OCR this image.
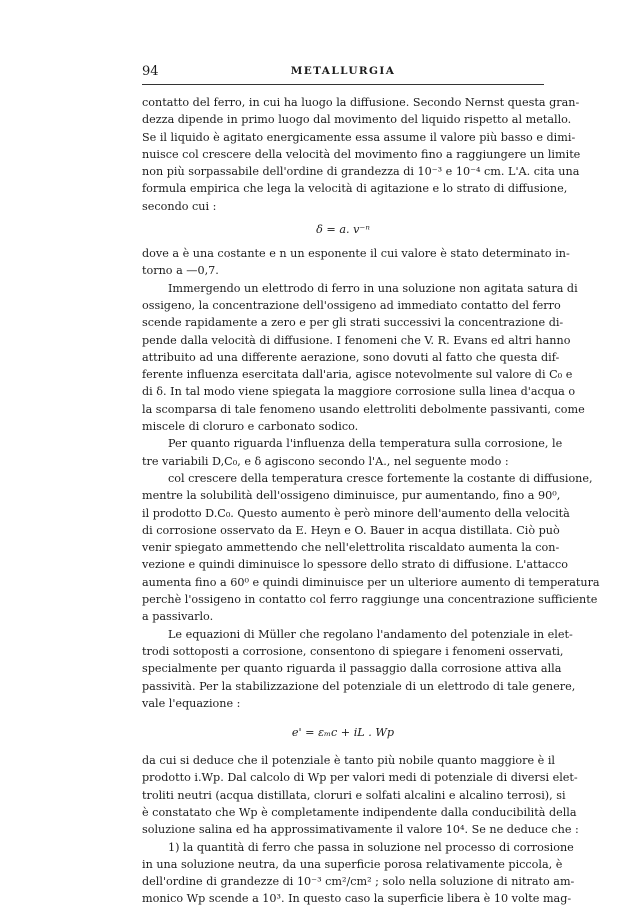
94	METALLURGIA
contatto del ferro, in cui ha luogo la diffusione. Secondo Nernst questa gran-
dezza dipende in primo luogo dal movimento del liquido rispetto al metallo.
Se il liquido è agitato energicamente essa assume il valore più basso e dimi-
nuisce col crescere della velocità del movimento fino a raggiungere un limite
non più sorpassabile dell'ordine di grandezza di 10⁻³ e 10⁻⁴ cm. L'A. cita una
formula empirica che lega la velocità di agitazione e lo strato di diffusione,
secondo cui :
δ = a. v⁻ⁿ
dove a è una costante e n un esponente il cui valore è stato determinato in-
torno a —0,7.
Immergendo un elettrodo di ferro in una soluzione non agitata satura di
ossigeno, la concentrazione dell'ossigeno ad immediato contatto del ferro
scende rapidamente a zero e per gli strati successivi la concentrazione di-
pende dalla velocità di diffusione. I fenomeni che V. R. Evans ed altri hanno
attribuito ad una differente aerazione, sono dovuti al fatto che questa dif-
ferente influenza esercitata dall'aria, agisce notevolmente sul valore di C₀ e
di δ. In tal modo viene spiegata la maggiore corrosione sulla linea d'acqua o
la scomparsa di tale fenomeno usando elettroliti debolmente passivanti, come
miscele di cloruro e carbonato sodico.
Per quanto riguarda l'influenza della temperatura sulla corrosione, le
tre variabili D,C₀, e δ agiscono secondo l'A., nel seguente modo :
col crescere della temperatura cresce fortemente la costante di diffusione,
mentre la solubilità dell'ossigeno diminuisce, pur aumentando, fino a 90⁰,
il prodotto D.C₀. Questo aumento è però minore dell'aumento della velocità
di corrosione osservato da E. Heyn e O. Bauer in acqua distillata. Ciò può
venir spiegato ammettendo che nell'elettrolita riscaldato aumenta la con-
vezione e quindi diminuisce lo spessore dello strato di diffusione. L'attacco
aumenta fino a 60⁰ e quindi diminuisce per un ulteriore aumento di temperatura
perchè l'ossigeno in contatto col ferro raggiunge una concentrazione sufficiente
a passivarlo.
Le equazioni di Müller che regolano l'andamento del potenziale in elet-
trodi sottoposti a corrosione, consentono di spiegare i fenomeni osservati,
specialmente per quanto riguarda il passaggio dalla corrosione attiva alla
passività. Per la stabilizzazione del potenziale di un elettrodo di tale genere,
vale l'equazione :
e' = εₘc + iL . Wp
da cui si deduce che il potenziale è tanto più nobile quanto maggiore è il
prodotto i.Wp. Dal calcolo di Wp per valori medi di potenziale di diversi elet-
troliti neutri (acqua distillata, cloruri e solfati alcalini e alcalino terrosi), si
è constatato che Wp è completamente indipendente dalla conducibilità della
soluzione salina ed ha approssimativamente il valore 10⁴. Se ne deduce che :
1) la quantità di ferro che passa in soluzione nel processo di corrosione
in una soluzione neutra, da una superficie porosa relativamente piccola, è
dell'ordine di grandezze di 10⁻³ cm²/cm² ; solo nella soluzione di nitrato am-
monico Wp scende a 10³. In questo caso la superficie libera è 10 volte mag-
